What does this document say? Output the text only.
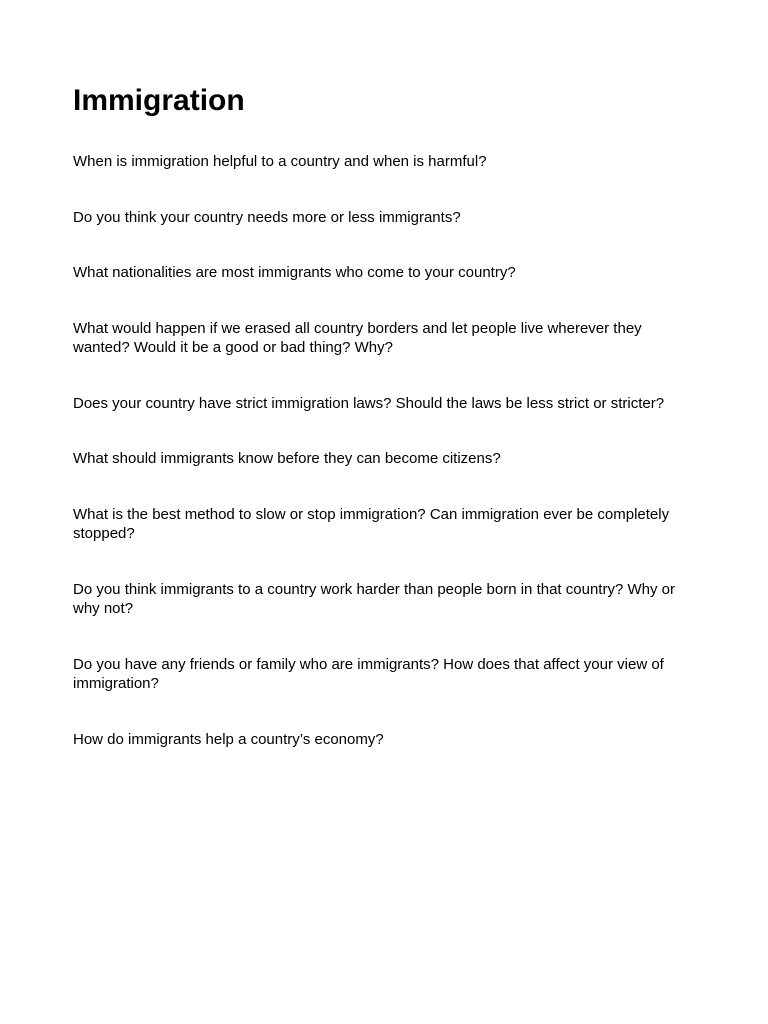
Immigration
When is immigration helpful to a country and when is harmful?
Do you think your country needs more or less immigrants?
What nationalities are most immigrants who come to your country?
What would happen if we erased all country borders and let people live wherever they wanted? Would it be a good or bad thing? Why?
Does your country have strict immigration laws? Should the laws be less strict or stricter?
What should immigrants know before they can become citizens?
What is the best method to slow or stop immigration? Can immigration ever be completely stopped?
Do you think immigrants to a country work harder than people born in that country? Why or why not?
Do you have any friends or family who are immigrants? How does that affect your view of immigration?
How do immigrants help a country’s economy?
